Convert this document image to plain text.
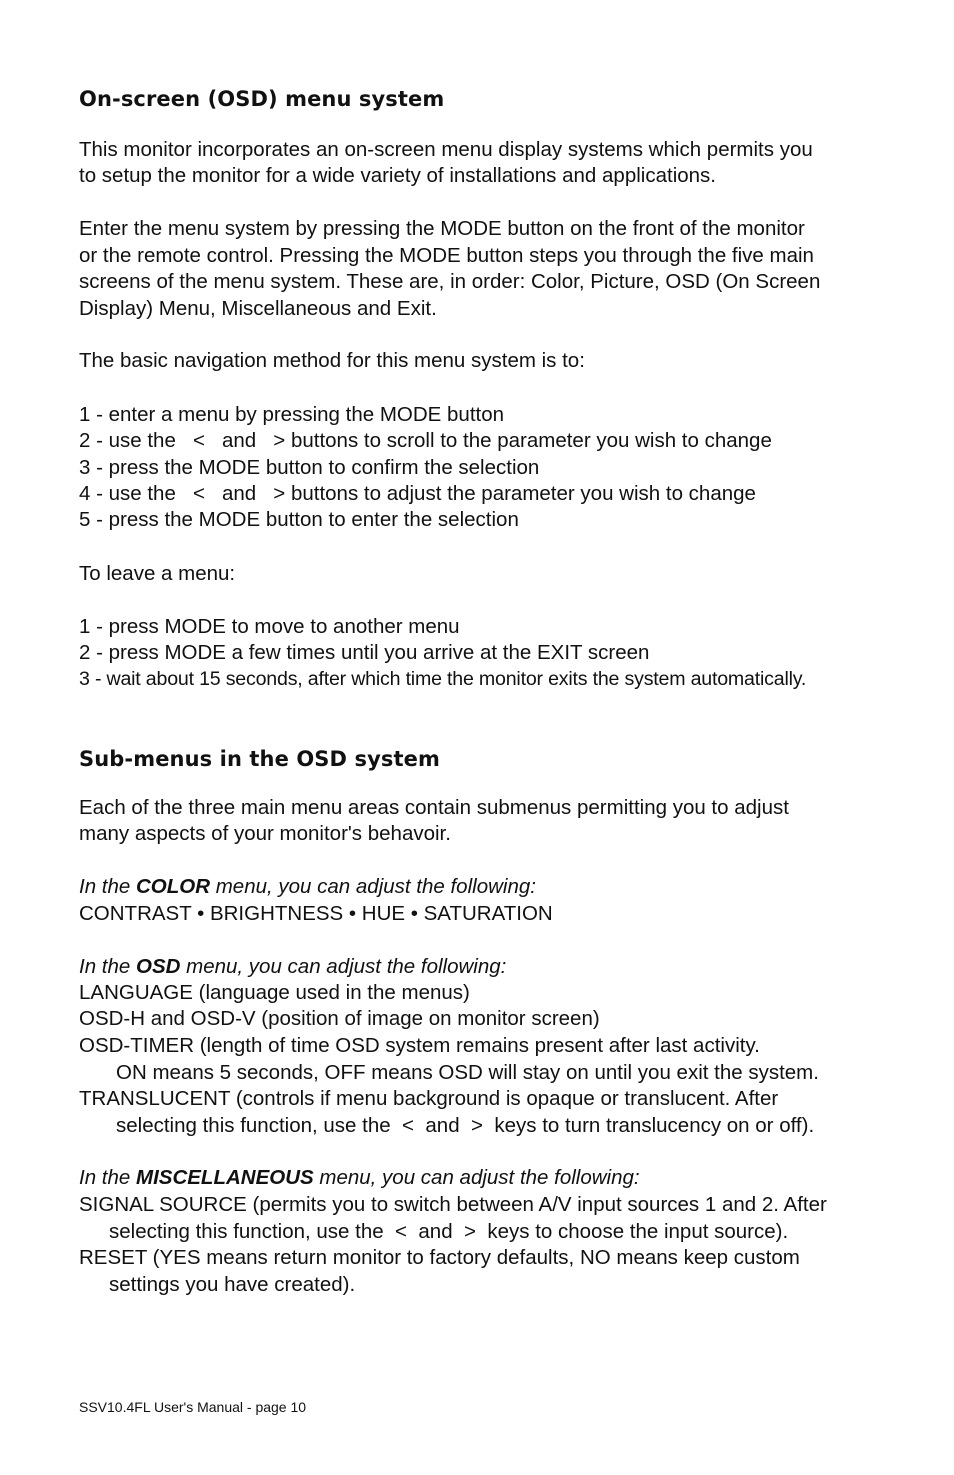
On-screen (OSD) menu system
This monitor incorporates an on-screen menu display systems which permits you
to setup the monitor for a wide variety of installations and applications.
Enter the menu system by pressing the MODE button on the front of the monitor
or the remote control. Pressing the MODE button steps you through the five main
screens of the menu system. These are, in order: Color, Picture, OSD (On Screen
Display) Menu, Miscellaneous and Exit.
The basic navigation method for this menu system is to:
1 - enter a menu by pressing the MODE button
2 - use the   <   and   > buttons to scroll to the parameter you wish to change
3 - press the MODE button to confirm the selection
4 - use the   <   and   > buttons to adjust the parameter you wish to change
5 - press the MODE button to enter the selection
To leave a menu:
1 - press MODE to move to another menu
2 - press MODE a few times until you arrive at the EXIT screen
3 - wait about 15 seconds, after which time the monitor exits the system automatically.
Sub-menus in the OSD system
Each of the three main menu areas contain submenus permitting you to adjust
many aspects of your monitor's behavoir.
In the COLOR menu, you can adjust the following:
CONTRAST • BRIGHTNESS • HUE • SATURATION
In the OSD menu, you can adjust the following:
LANGUAGE (language used in the menus)
OSD-H and OSD-V (position of image on monitor screen)
OSD-TIMER (length of time OSD system remains present after last activity.
ON means 5 seconds, OFF means OSD will stay on until you exit the system.
TRANSLUCENT (controls if menu background is opaque or translucent. After
selecting this function, use the  <  and  >  keys to turn translucency on or off).
In the MISCELLANEOUS menu, you can adjust the following:
SIGNAL SOURCE (permits you to switch between A/V input sources 1 and 2. After
selecting this function, use the  <  and  >  keys to choose the input source).
RESET (YES means return monitor to factory defaults, NO means keep custom
settings you have created).
SSV10.4FL User's Manual - page 10
